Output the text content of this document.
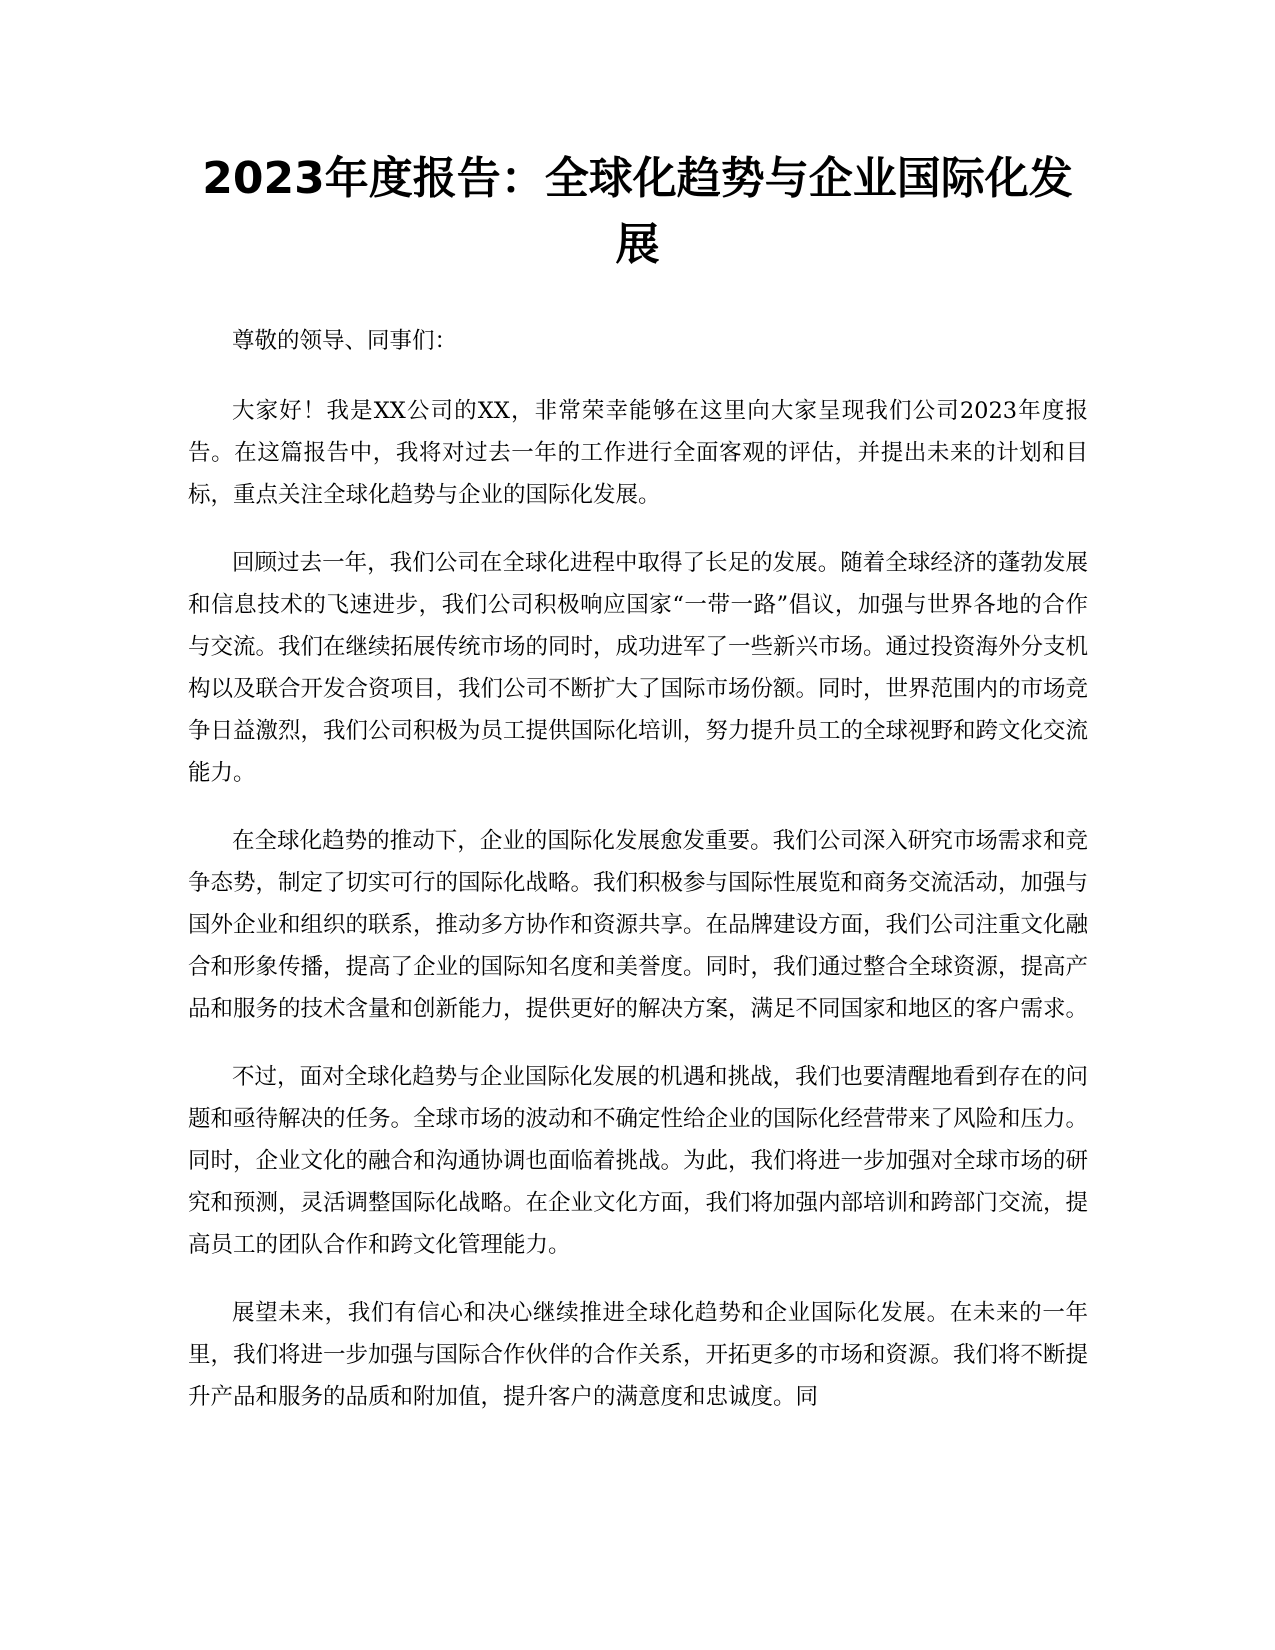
2023年度报告：全球化趋势与企业国际化发展

尊敬的领导、同事们：

大家好！我是XX公司的XX，非常荣幸能够在这里向大家呈现我们公司2023年度报告。在这篇报告中，我将对过去一年的工作进行全面客观的评估，并提出未来的计划和目标，重点关注全球化趋势与企业的国际化发展。

回顾过去一年，我们公司在全球化进程中取得了长足的发展。随着全球经济的蓬勃发展和信息技术的飞速进步，我们公司积极响应国家“一带一路”倡议，加强与世界各地的合作与交流。我们在继续拓展传统市场的同时，成功进军了一些新兴市场。通过投资海外分支机构以及联合开发合资项目，我们公司不断扩大了国际市场份额。同时，世界范围内的市场竞争日益激烈，我们公司积极为员工提供国际化培训，努力提升员工的全球视野和跨文化交流能力。

在全球化趋势的推动下，企业的国际化发展愈发重要。我们公司深入研究市场需求和竞争态势，制定了切实可行的国际化战略。我们积极参与国际性展览和商务交流活动，加强与国外企业和组织的联系，推动多方协作和资源共享。在品牌建设方面，我们公司注重文化融合和形象传播，提高了企业的国际知名度和美誉度。同时，我们通过整合全球资源，提高产品和服务的技术含量和创新能力，提供更好的解决方案，满足不同国家和地区的客户需求。

不过，面对全球化趋势与企业国际化发展的机遇和挑战，我们也要清醒地看到存在的问题和亟待解决的任务。全球市场的波动和不确定性给企业的国际化经营带来了风险和压力。同时，企业文化的融合和沟通协调也面临着挑战。为此，我们将进一步加强对全球市场的研究和预测，灵活调整国际化战略。在企业文化方面，我们将加强内部培训和跨部门交流，提高员工的团队合作和跨文化管理能力。

展望未来，我们有信心和决心继续推进全球化趋势和企业国际化发展。在未来的一年里，我们将进一步加强与国际合作伙伴的合作关系，开拓更多的市场和资源。我们将不断提升产品和服务的品质和附加值，提升客户的满意度和忠诚度。同
